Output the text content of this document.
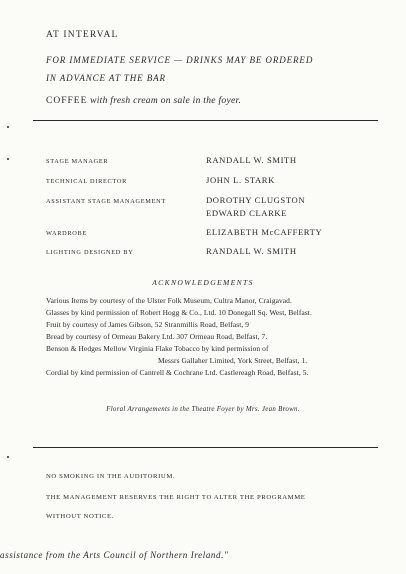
AT INTERVAL
FOR IMMEDIATE SERVICE — DRINKS MAY BE ORDERED
IN ADVANCE AT THE BAR
COFFEE with fresh cream on sale in the foyer.
STAGE MANAGER	RANDALL W. SMITH
TECHNICAL DIRECTOR	JOHN L. STARK
ASSISTANT STAGE MANAGEMENT	DOROTHY CLUGSTON
EDWARD CLARKE
WARDROBE	ELIZABETH McCAFFERTY
LIGHTING DESIGNED BY	RANDALL W. SMITH
ACKNOWLEDGEMENTS
Various Items by courtesy of the Ulster Folk Museum, Cultra Manor, Craigavad.
Glasses by kind permission of Robert Hogg & Co., Ltd. 10 Donegall Sq. West, Belfast.
Fruit by courtesy of James Gibson, 52 Stranmillis Road, Belfast, 9
Bread by courtesy of Ormeau Bakery Ltd. 307 Ormeau Road, Belfast, 7.
Benson & Hedges Mellow Virginia Flake Tobacco by kind permission of
Messrs Gallaher Limited, York Street, Belfast, 1.
Cordial by kind permission of Cantrell & Cochrane Ltd. Castlereagh Road, Belfast, 5.
Floral Arrangements in the Theatre Foyer by Mrs. Jean Brown.
NO SMOKING IN THE AUDITORIUM.
THE MANAGEMENT RESERVES THE RIGHT TO ALTER THE PROGRAMME
WITHOUT NOTICE.
assistance from the Arts Council of Northern Ireland."
